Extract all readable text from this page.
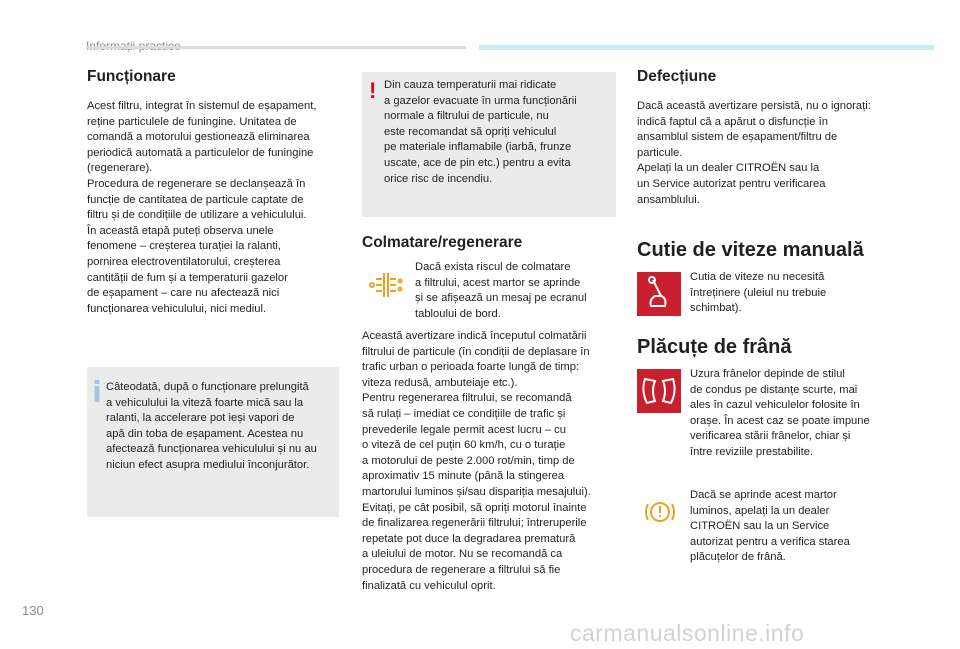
Funcționare

Acest filtru, integrat în sistemul de eșapament,
reține particulele de funingine. Unitatea de
comandă a motorului gestionează eliminarea
periodică automată a particulelor de funingine
(regenerare).
Procedura de regenerare se declanșează în
funcție de cantitatea de particule captate de
filtru și de condițiile de utilizare a vehiculului.
În această etapă puteți observa unele
fenomene – creșterea turației la ralanti,
pornirea electroventilatorului, creșterea
cantității de fum și a temperaturii gazelor
de eșapament – care nu afectează nici
funcționarea vehiculului, nici mediul.

Câteodată, după o funcționare prelungită
a vehiculului la viteză foarte mică sau la
ralanti, la accelerare pot ieși vapori de
apă din toba de eșapament. Acestea nu
afectează funcționarea vehiculului și nu au
niciun efect asupra mediului înconjurător.

! Din cauza temperaturii mai ridicate
a gazelor evacuate în urma funcționării
normale a filtrului de particule, nu
este recomandat să opriți vehiculul
pe materiale inflamabile (iarbă, frunze
uscate, ace de pin etc.) pentru a evita
orice risc de incendiu.

Colmatare/regenerare

Dacă exista riscul de colmatare
a filtrului, acest martor se aprinde
și se afișează un mesaj pe ecranul
tabloului de bord.

Această avertizare indică începutul colmatării
filtrului de particule (în condiții de deplasare în
trafic urban o perioada foarte lungă de timp:
viteza redusă, ambuteiaje etc.).
Pentru regenerarea filtrului, se recomandă
să rulați – imediat ce condițiile de trafic și
prevederile legale permit acest lucru – cu
o viteză de cel puțin 60 km/h, cu o turație
a motorului de peste 2.000 rot/min, timp de
aproximativ 15 minute (până la stingerea
martorului luminos și/sau dispariția mesajului).
Evitați, pe cât posibil, să opriți motorul înainte
de finalizarea regenerării filtrului; întreruperile
repetate pot duce la degradarea prematură
a uleiului de motor. Nu se recomandă ca
procedura de regenerare a filtrului să fie
finalizată cu vehiculul oprit.

Defecțiune

Dacă această avertizare persistă, nu o ignorați:
indică faptul că a apărut o disfuncție în
ansamblul sistem de eșapament/filtru de
particule.
Apelați la un dealer CITROËN sau la
un Service autorizat pentru verificarea
ansamblului.

Cutie de viteze manuală

Cutia de viteze nu necesită
întreținere (uleiul nu trebuie
schimbat).

Plăcuțe de frână

Uzura frânelor depinde de stilul
de condus pe distanțe scurte, mai
ales în cazul vehiculelor folosite în
orașe. În acest caz se poate impune
verificarea stării frânelor, chiar și
între reviziile prestabilite.

Dacă se aprinde acest martor
luminos, apelați la un dealer
CITROËN sau la un Service
autorizat pentru a verifica starea
plăcuțelor de frână.

130
carmanualsonline.info
